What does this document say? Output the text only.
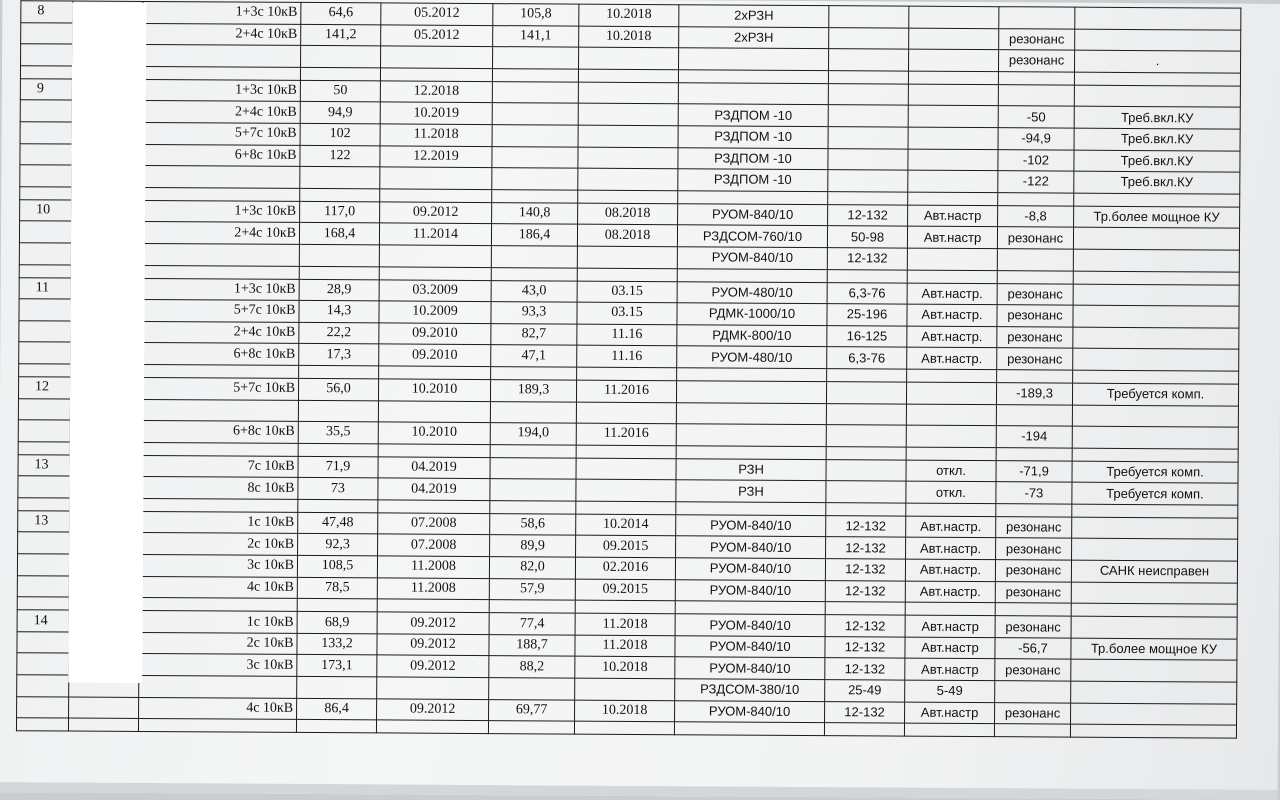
8		1+3с 10кВ	64,6	05.2012	105,8	10.2018	2хРЗН				
		2+4с 10кВ	141,2	05.2012	141,1	10.2018	2хРЗН			резонанс	
										резонанс	.

9		1+3с 10кВ	50	12.2018							
		2+4с 10кВ	94,9	10.2019			РЗДПОМ -10			-50	Треб.вкл.КУ
		5+7с 10кВ	102	11.2018			РЗДПОМ -10			-94,9	Треб.вкл.КУ
		6+8с 10кВ	122	12.2019			РЗДПОМ -10			-102	Треб.вкл.КУ
							РЗДПОМ -10			-122	Треб.вкл.КУ

10		1+3с 10кВ	117,0	09.2012	140,8	08.2018	РУОМ-840/10	12-132	Авт.настр	-8,8	Тр.более мощное КУ
		2+4с 10кВ	168,4	11.2014	186,4	08.2018	РЗДСОМ-760/10	50-98	Авт.настр	резонанс	
							РУОМ-840/10	12-132			

11		1+3с 10кВ	28,9	03.2009	43,0	03.15	РУОМ-480/10	6,3-76	Авт.настр.	резонанс	
		5+7с 10кВ	14,3	10.2009	93,3	03.15	РДМК-1000/10	25-196	Авт.настр.	резонанс	
		2+4с 10кВ	22,2	09.2010	82,7	11.16	РДМК-800/10	16-125	Авт.настр.	резонанс	
		6+8с 10кВ	17,3	09.2010	47,1	11.16	РУОМ-480/10	6,3-76	Авт.настр.	резонанс	

12		5+7с 10кВ	56,0	10.2010	189,3	11.2016				-189,3	Требуется комп.

		6+8с 10кВ	35,5	10.2010	194,0	11.2016				-194	

13		7с 10кВ	71,9	04.2019			РЗН		откл.	-71,9	Требуется комп.
		8с 10кВ	73	04.2019			РЗН		откл.	-73	Требуется комп.

13		1с 10кВ	47,48	07.2008	58,6	10.2014	РУОМ-840/10	12-132	Авт.настр.	резонанс	
		2с 10кВ	92,3	07.2008	89,9	09.2015	РУОМ-840/10	12-132	Авт.настр.	резонанс	
		3с 10кВ	108,5	11.2008	82,0	02.2016	РУОМ-840/10	12-132	Авт.настр.	резонанс	САНК неисправен
		4с 10кВ	78,5	11.2008	57,9	09.2015	РУОМ-840/10	12-132	Авт.настр.	резонанс	

14		1с 10кВ	68,9	09.2012	77,4	11.2018	РУОМ-840/10	12-132	Авт.настр	резонанс	
		2с 10кВ	133,2	09.2012	188,7	11.2018	РУОМ-840/10	12-132	Авт.настр	-56,7	Тр.более мощное КУ
		3с 10кВ	173,1	09.2012	88,2	10.2018	РУОМ-840/10	12-132	Авт.настр	резонанс	
							РЗДСОМ-380/10	25-49	5-49		
		4с 10кВ	86,4	09.2012	69,77	10.2018	РУОМ-840/10	12-132	Авт.настр	резонанс	
